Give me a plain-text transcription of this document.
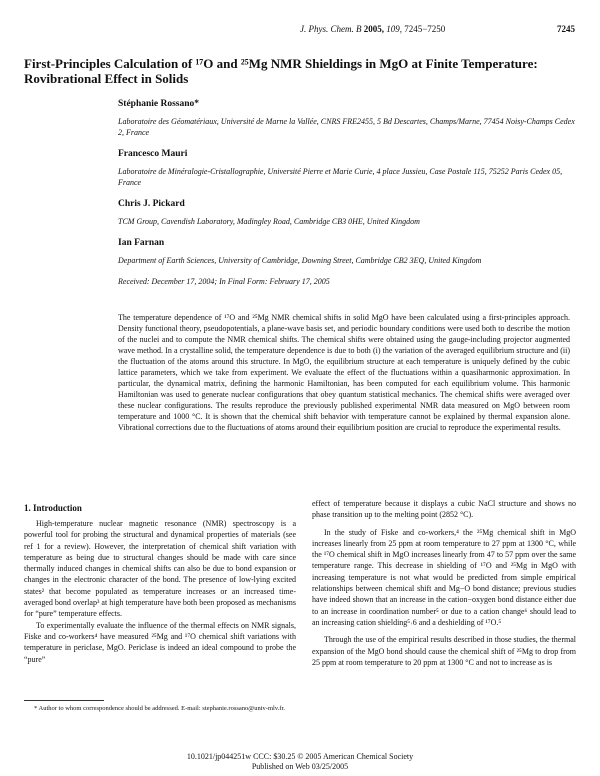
J. Phys. Chem. B 2005, 109, 7245−7250	7245
First-Principles Calculation of ¹⁷O and ²⁵Mg NMR Shieldings in MgO at Finite Temperature: Rovibrational Effect in Solids
Stéphanie Rossano*
Laboratoire des Géomatériaux, Université de Marne la Vallée, CNRS FRE2455, 5 Bd Descartes, Champs/Marne, 77454 Noisy-Champs Cedex 2, France
Francesco Mauri
Laboratoire de Minéralogie-Cristallographie, Université Pierre et Marie Curie, 4 place Jussieu, Case Postale 115, 75252 Paris Cedex 05, France
Chris J. Pickard
TCM Group, Cavendish Laboratory, Madingley Road, Cambridge CB3 0HE, United Kingdom
Ian Farnan
Department of Earth Sciences, University of Cambridge, Downing Street, Cambridge CB2 3EQ, United Kingdom
Received: December 17, 2004; In Final Form: February 17, 2005
The temperature dependence of ¹⁷O and ²⁵Mg NMR chemical shifts in solid MgO have been calculated using a first-principles approach. Density functional theory, pseudopotentials, a plane-wave basis set, and periodic boundary conditions were used both to describe the motion of the nuclei and to compute the NMR chemical shifts. The chemical shifts were obtained using the gauge-including projector augmented wave method. In a crystalline solid, the temperature dependence is due to both (i) the variation of the averaged equilibrium structure and (ii) the fluctuation of the atoms around this structure. In MgO, the equilibrium structure at each temperature is uniquely defined by the cubic lattice parameters, which we take from experiment. We evaluate the effect of the fluctuations within a quasiharmonic approximation. In particular, the dynamical matrix, defining the harmonic Hamiltonian, has been computed for each equilibrium volume. This harmonic Hamiltonian was used to generate nuclear configurations that obey quantum statistical mechanics. The chemical shifts were averaged over these nuclear configurations. The results reproduce the previously published experimental NMR data measured on MgO between room temperature and 1000 °C. It is shown that the chemical shift behavior with temperature cannot be explained by thermal expansion alone. Vibrational corrections due to the fluctuations of atoms around their equilibrium position are crucial to reproduce the experimental results.
1. Introduction

High-temperature nuclear magnetic resonance (NMR) spectroscopy is a powerful tool for probing the structural and dynamical properties of materials (see ref 1 for a review). However, the interpretation of chemical shift variation with temperature as being due to structural changes should be made with care since thermally induced changes in chemical shifts can also be due to bond expansion or changes in the electronic character of the bond. The presence of low-lying excited states² that become populated as temperature increases or an increased time-averaged bond overlap³ at high temperature have both been proposed as mechanisms for “pure” temperature effects.

To experimentally evaluate the influence of the thermal effects on NMR signals, Fiske and co-workers⁴ have measured ²⁵Mg and ¹⁷O chemical shift variations with temperature in periclase, MgO. Periclase is indeed an ideal compound to probe the “pure”

effect of temperature because it displays a cubic NaCl structure and shows no phase transition up to the melting point (2852 °C).

In the study of Fiske and co-workers,⁴ the ²⁵Mg chemical shift in MgO increases linearly from 25 ppm at room temperature to 27 ppm at 1300 °C, while the ¹⁷O chemical shift in MgO increases linearly from 47 to 57 ppm over the same temperature range. This decrease in shielding of ¹⁷O and ²⁵Mg in MgO with increasing temperature is not what would be predicted from simple empirical relationships between chemical shift and Mg−O bond distance; previous studies have indeed shown that an increase in the cation−oxygen bond distance either due to an increase in coordination number⁵ or due to a cation change⁶ should lead to an increasing cation shielding⁵˒6 and a deshielding of ¹⁷O.⁵

Through the use of the empirical results described in those studies, the thermal expansion of the MgO bond should cause the chemical shift of ²⁵Mg to drop from 25 ppm at room temperature to 20 ppm at 1300 °C and not to increase as is

* Author to whom correspondence should be addressed. E-mail: stephanie.rossano@univ-mlv.fr.
10.1021/jp044251w CCC: $30.25 © 2005 American Chemical Society
Published on Web 03/25/2005
